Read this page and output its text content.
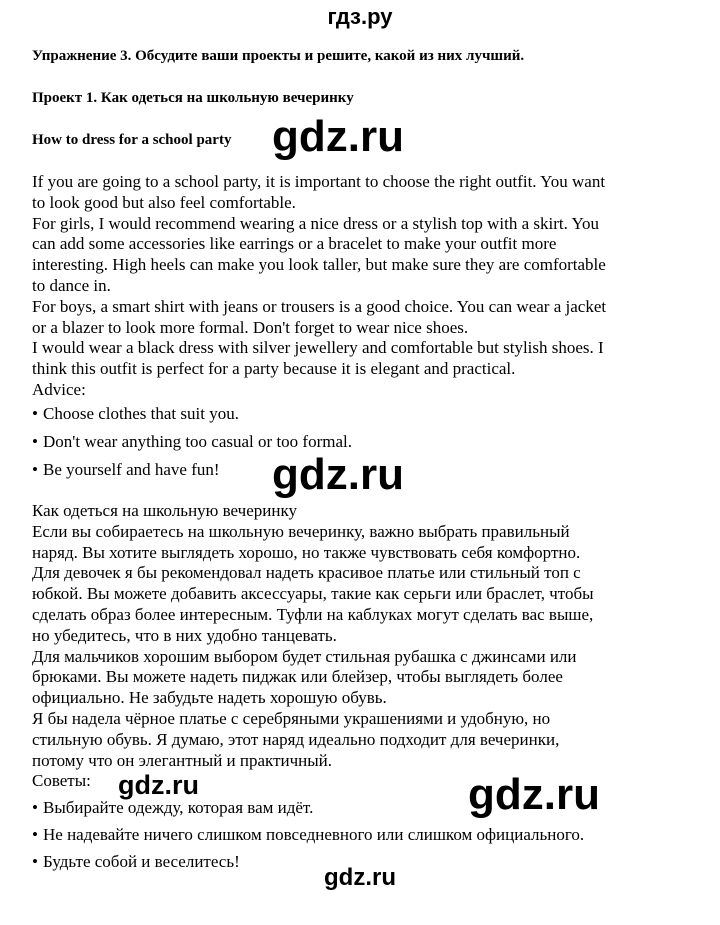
гдз.ру
Упражнение 3. Обсудите ваши проекты и решите, какой из них лучший.
Проект 1. Как одеться на школьную вечеринку
How to dress for a school party
If you are going to a school party, it is important to choose the right outfit. You want
to look good but also feel comfortable.
For girls, I would recommend wearing a nice dress or a stylish top with a skirt. You
can add some accessories like earrings or a bracelet to make your outfit more
interesting. High heels can make you look taller, but make sure they are comfortable
to dance in.
For boys, a smart shirt with jeans or trousers is a good choice. You can wear a jacket
or a blazer to look more formal. Don't forget to wear nice shoes.
I would wear a black dress with silver jewellery and comfortable but stylish shoes. I
think this outfit is perfect for a party because it is elegant and practical.
Advice:
• Choose clothes that suit you.
• Don't wear anything too casual or too formal.
• Be yourself and have fun!
Как одеться на школьную вечеринку
Если вы собираетесь на школьную вечеринку, важно выбрать правильный
наряд. Вы хотите выглядеть хорошо, но также чувствовать себя комфортно.
Для девочек я бы рекомендовал надеть красивое платье или стильный топ с
юбкой. Вы можете добавить аксессуары, такие как серьги или браслет, чтобы
сделать образ более интересным. Туфли на каблуках могут сделать вас выше,
но убедитесь, что в них удобно танцевать.
Для мальчиков хорошим выбором будет стильная рубашка с джинсами или
брюками. Вы можете надеть пиджак или блейзер, чтобы выглядеть более
официально. Не забудьте надеть хорошую обувь.
Я бы надела чёрное платье с серебряными украшениями и удобную, но
стильную обувь. Я думаю, этот наряд идеально подходит для вечеринки,
потому что он элегантный и практичный.
Советы:
• Выбирайте одежду, которая вам идёт.
• Не надевайте ничего слишком повседневного или слишком официального.
• Будьте собой и веселитесь!
gdz.ru
gdz.ru
gdz.ru	gdz.ru
gdz.ru
